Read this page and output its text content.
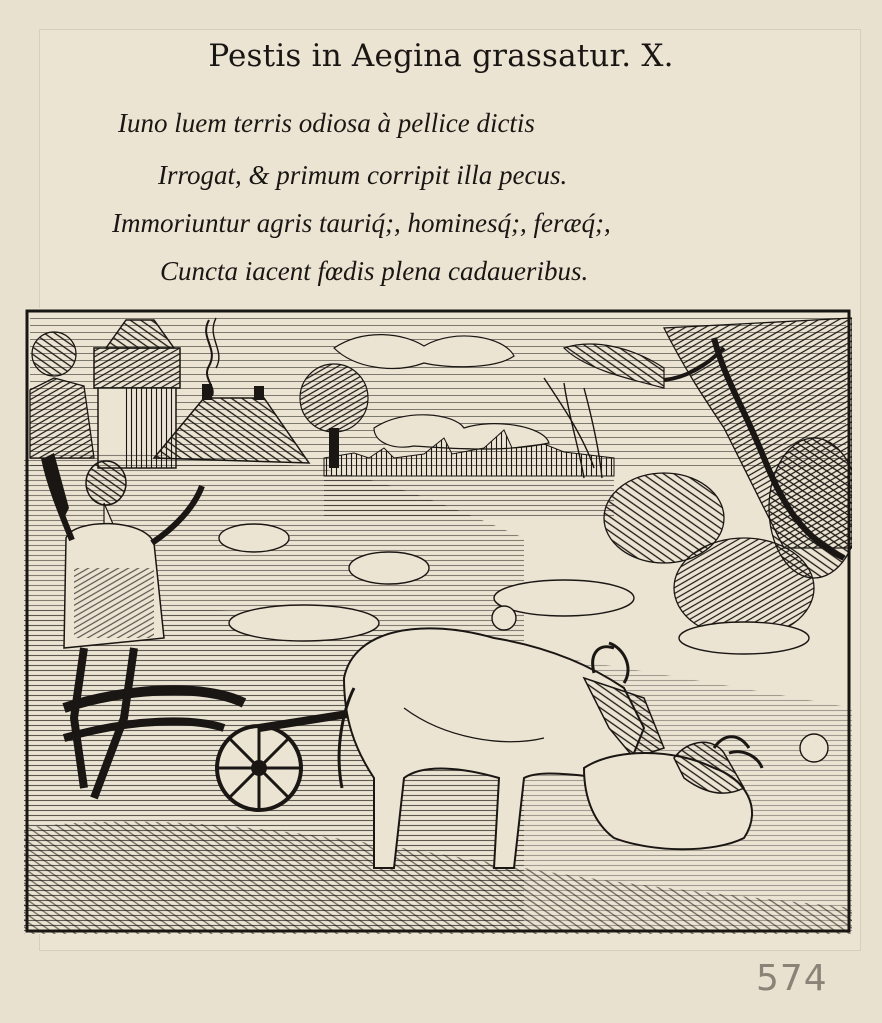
Pestis in Aegina grassatur. X.
Iuno luem terris odiosa à pellice dictis
Irrogat, & primum corripit illa pecus.
Immoriuntur agris tauriq́;, hominesq́;, feræq́;,
Cuncta iacent fœdis plena cadaueribus.
574
